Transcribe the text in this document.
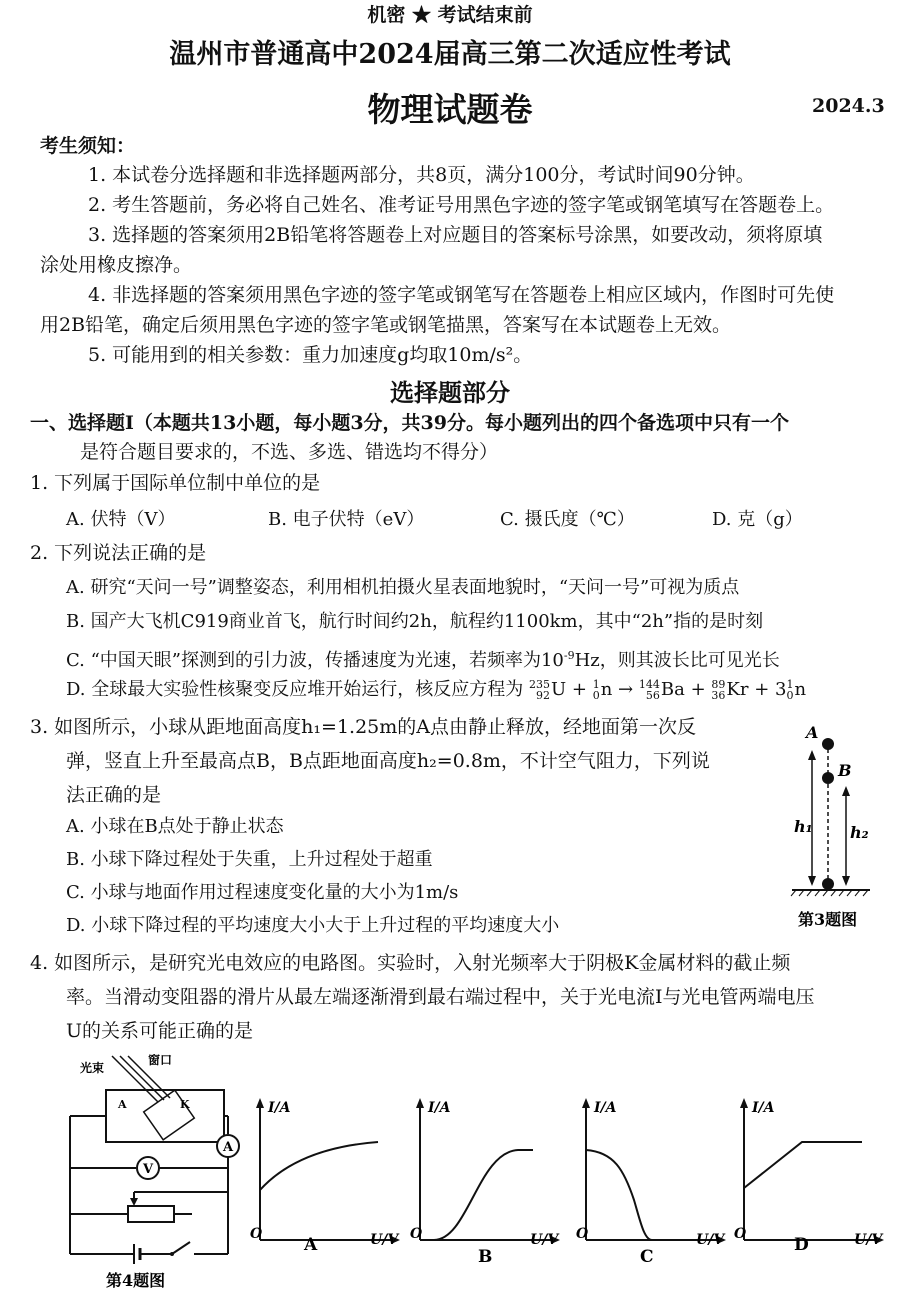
机密 ★ 考试结束前
温州市普通高中2024届高三第二次适应性考试
物理试题卷	2024.3
考生须知：
1. 本试卷分选择题和非选择题两部分，共8页，满分100分，考试时间90分钟。
2. 考生答题前，务必将自己姓名、准考证号用黑色字迹的签字笔或钢笔填写在答题卷上。
3. 选择题的答案须用2B铅笔将答题卷上对应题目的答案标号涂黑，如要改动，须将原填
涂处用橡皮擦净。
4. 非选择题的答案须用黑色字迹的签字笔或钢笔写在答题卷上相应区域内，作图时可先使
用2B铅笔，确定后须用黑色字迹的签字笔或钢笔描黑，答案写在本试题卷上无效。
5. 可能用到的相关参数：重力加速度g均取10m/s²。
选择题部分
一、选择题Ⅰ（本题共13小题，每小题3分，共39分。每小题列出的四个备选项中只有一个
是符合题目要求的，不选、多选、错选均不得分）
1. 下列属于国际单位制中单位的是
A. 伏特（V）	B. 电子伏特（eV）	C. 摄氏度（℃）	D. 克（g）
2. 下列说法正确的是
A. 研究“天问一号”调整姿态，利用相机拍摄火星表面地貌时，“天问一号”可视为质点
B. 国产大飞机C919商业首飞，航行时间约2h，航程约1100km，其中“2h”指的是时刻
C. “中国天眼”探测到的引力波，传播速度为光速，若频率为$10^{-9}Hz$，则其波长比可见光长
D. 全球最大实验性核聚变反应堆开始运行，核反应方程为 235
92 U + 1
0 n → 144
56 Ba + 89
36 Kr + 3 1
0 n
3. 如图所示，小球从距地面高度h₁=1.25m的A点由静止释放，经地面第一次反
弹，竖直上升至最高点B，B点距地面高度h₂=0.8m，不计空气阻力，下列说
法正确的是
A. 小球在B点处于静止状态
B. 小球下降过程处于失重，上升过程处于超重
C. 小球与地面作用过程速度变化量的大小为1m/s
D. 小球下降过程的平均速度大小大于上升过程的平均速度大小
A
B
h₁ h₂
第3题图
4. 如图所示，是研究光电效应的电路图。实验时，入射光频率大于阴极K金属材料的截止频
率。当滑动变阻器的滑片从最左端逐渐滑到最右端过程中，关于光电流I与光电管两端电压
U的关系可能正确的是
光束
窗口
A	K
A
V
第4题图
I/A
U/V
O
A
I/A
U/V
O
B
I/A
U/V
O
C
I/A
U/V
O
D
